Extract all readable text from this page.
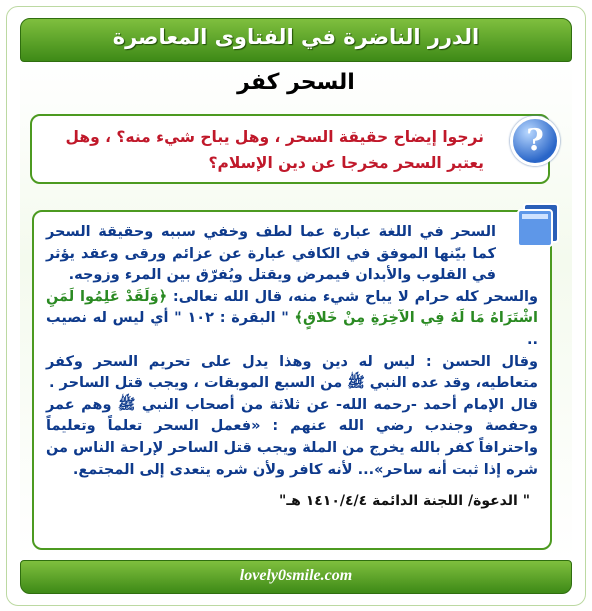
الدرر الناضرة في الفتاوى المعاصرة
السحر كفر
?
نرجوا إيضاح حقيقة السحر ، وهل يباح شيء منه؟ ، وهل يعتبر السحر مخرجا عن دين الإسلام؟

السحر في اللغة عبارة عما لطف وخفي سببه وحقيقة السحر كما بيّنها الموفق في الكافي عبارة عن عزائم ورقى وعقد يؤثر في القلوب والأبدان فيمرض ويقتل ويُفرّق بين المرء وزوجه.

والسحر كله حرام لا يباح شيء منه، قال الله تعالى: ﴿وَلَقَدْ عَلِمُوا لَمَنِ اشْتَرَاهُ مَا لَهُ فِي الآخِرَةِ مِنْ خَلاقٍ﴾ " البقرة : ١٠٢ " أي ليس له نصيب ..

وقال الحسن : ليس له دين وهذا يدل على تحريم السحر وكفر متعاطيه، وقد عده النبي ﷺ من السبع الموبقات ، ويجب قتل الساحر .

قال الإمام أحمد -رحمه الله- عن ثلاثة من أصحاب النبي ﷺ وهم عمر وحفصة وجندب رضي الله عنهم : «فعمل السحر تعلماً وتعليماً واحترافاً كفر بالله يخرج من الملة ويجب قتل الساحر لإراحة الناس من شره إذا ثبت أنه ساحر»... لأنه كافر ولأن شره يتعدى إلى المجتمع.

" الدعوة/ اللجنة الدائمة ١٤١٠/٤/٤ هـ"

lovely0smile.com
